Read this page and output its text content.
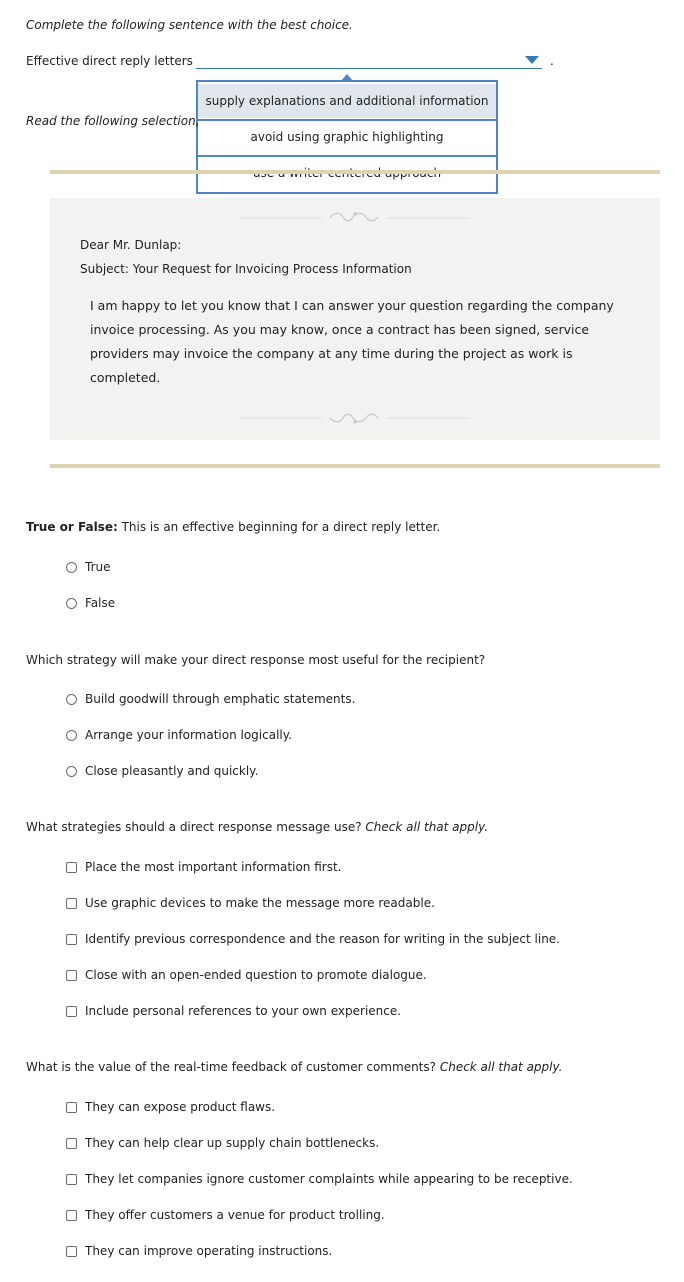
Complete the following sentence with the best choice.
Effective direct reply letters	.
supply explanations and additional information
avoid using graphic highlighting
Read the following selection,
Dear Mr. Dunlap:
Subject: Your Request for Invoicing Process Information
I am happy to let you know that I can answer your question regarding the company invoice processing. As you may know, once a contract has been signed, service providers may invoice the company at any time during the project as work is completed.
True or False: This is an effective beginning for a direct reply letter.
True
False
Which strategy will make your direct response most useful for the recipient?
Build goodwill through emphatic statements.
Arrange your information logically.
Close pleasantly and quickly.
What strategies should a direct response message use? Check all that apply.
Place the most important information first.
Use graphic devices to make the message more readable.
Identify previous correspondence and the reason for writing in the subject line.
Close with an open-ended question to promote dialogue.
Include personal references to your own experience.
What is the value of the real-time feedback of customer comments? Check all that apply.
They can expose product flaws.
They can help clear up supply chain bottlenecks.
They let companies ignore customer complaints while appearing to be receptive.
They offer customers a venue for product trolling.
They can improve operating instructions.
